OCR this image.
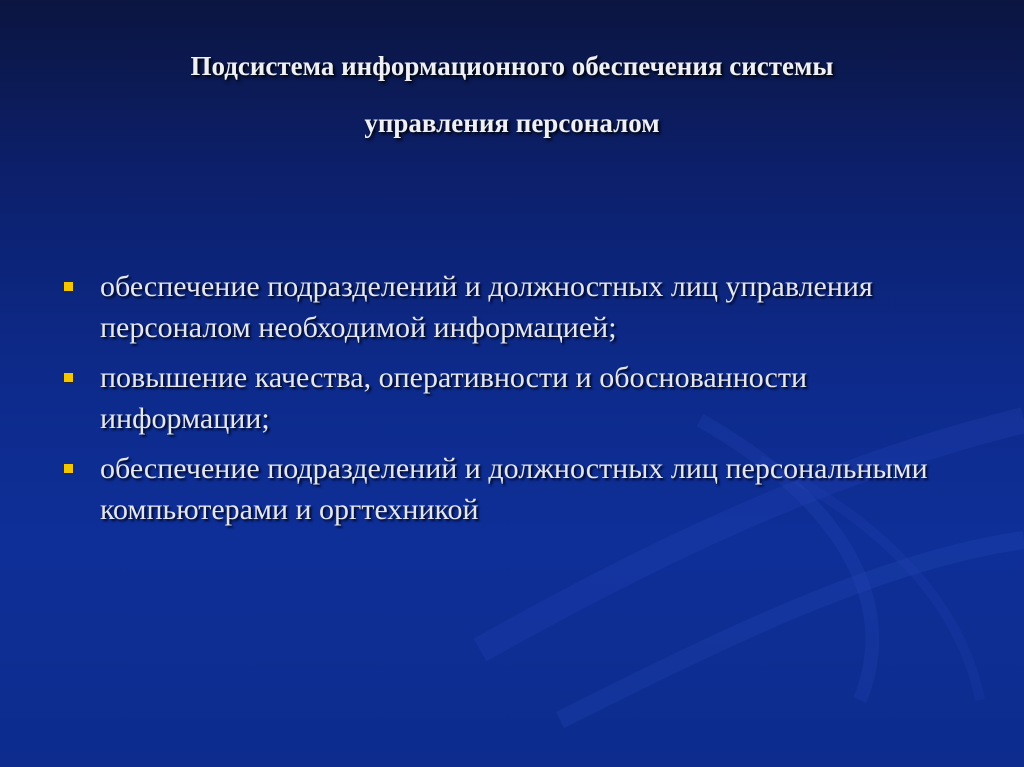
Подсистема информационного обеспечения системы
управления персоналом
обеспечение подразделений и должностных лиц управления персоналом необходимой информацией;
повышение качества, оперативности и обоснованности информации;
обеспечение подразделений и должностных лиц персональными компьютерами и оргтехникой
